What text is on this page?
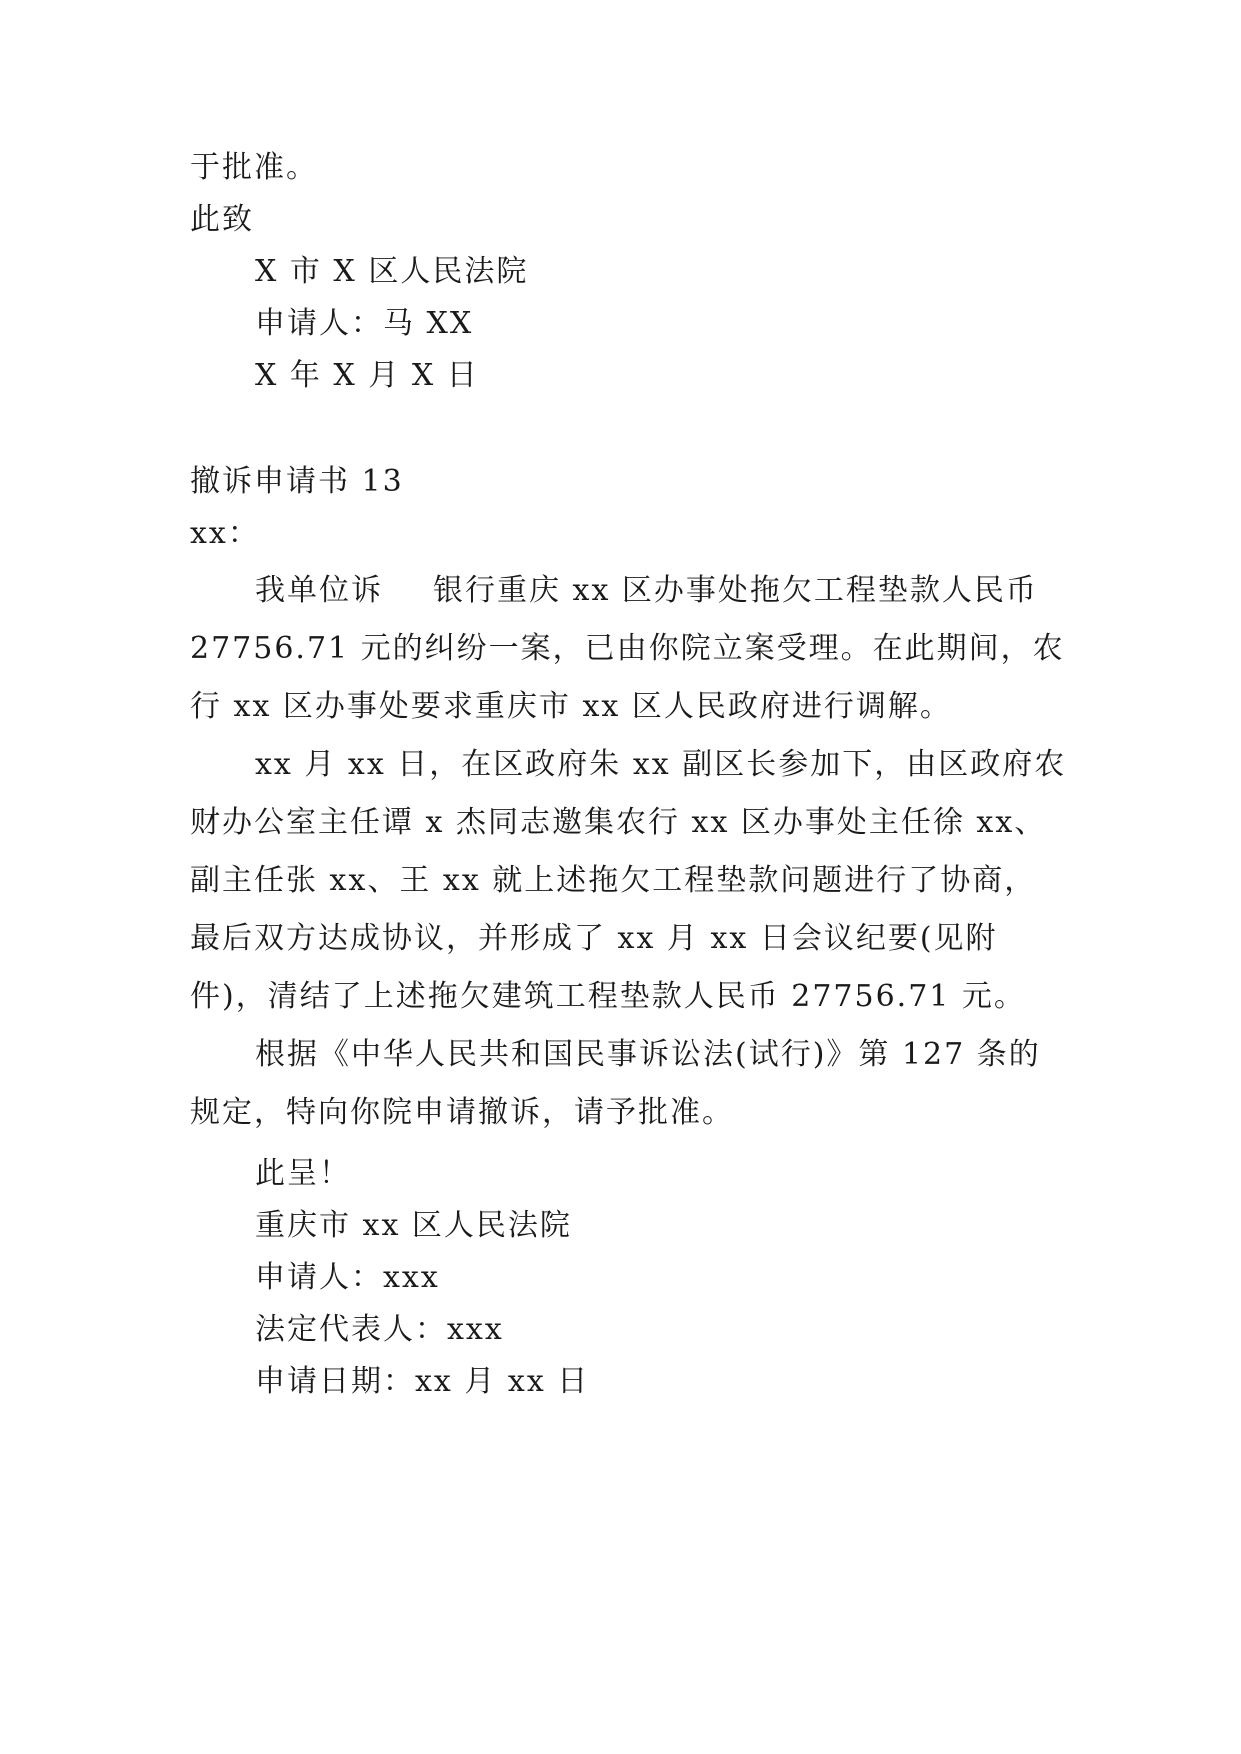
于批准。
此致
X 市 X 区人民法院
申请人：马 XX
X 年 X 月 X 日
撤诉申请书 13
xx：
我单位诉 银行重庆 xx 区办事处拖欠工程垫款人民币
27756.71 元的纠纷一案，已由你院立案受理。在此期间，农
行 xx 区办事处要求重庆市 xx 区人民政府进行调解。
xx 月 xx 日，在区政府朱 xx 副区长参加下，由区政府农
财办公室主任谭 x 杰同志邀集农行 xx 区办事处主任徐 xx、
副主任张 xx、王 xx 就上述拖欠工程垫款问题进行了协商，
最后双方达成协议，并形成了 xx 月 xx 日会议纪要(见附
件)，清结了上述拖欠建筑工程垫款人民币 27756.71 元。
根据《中华人民共和国民事诉讼法(试行)》第 127 条的
规定，特向你院申请撤诉，请予批准。
此呈！
重庆市 xx 区人民法院
申请人：xxx
法定代表人：xxx
申请日期：xx 月 xx 日
